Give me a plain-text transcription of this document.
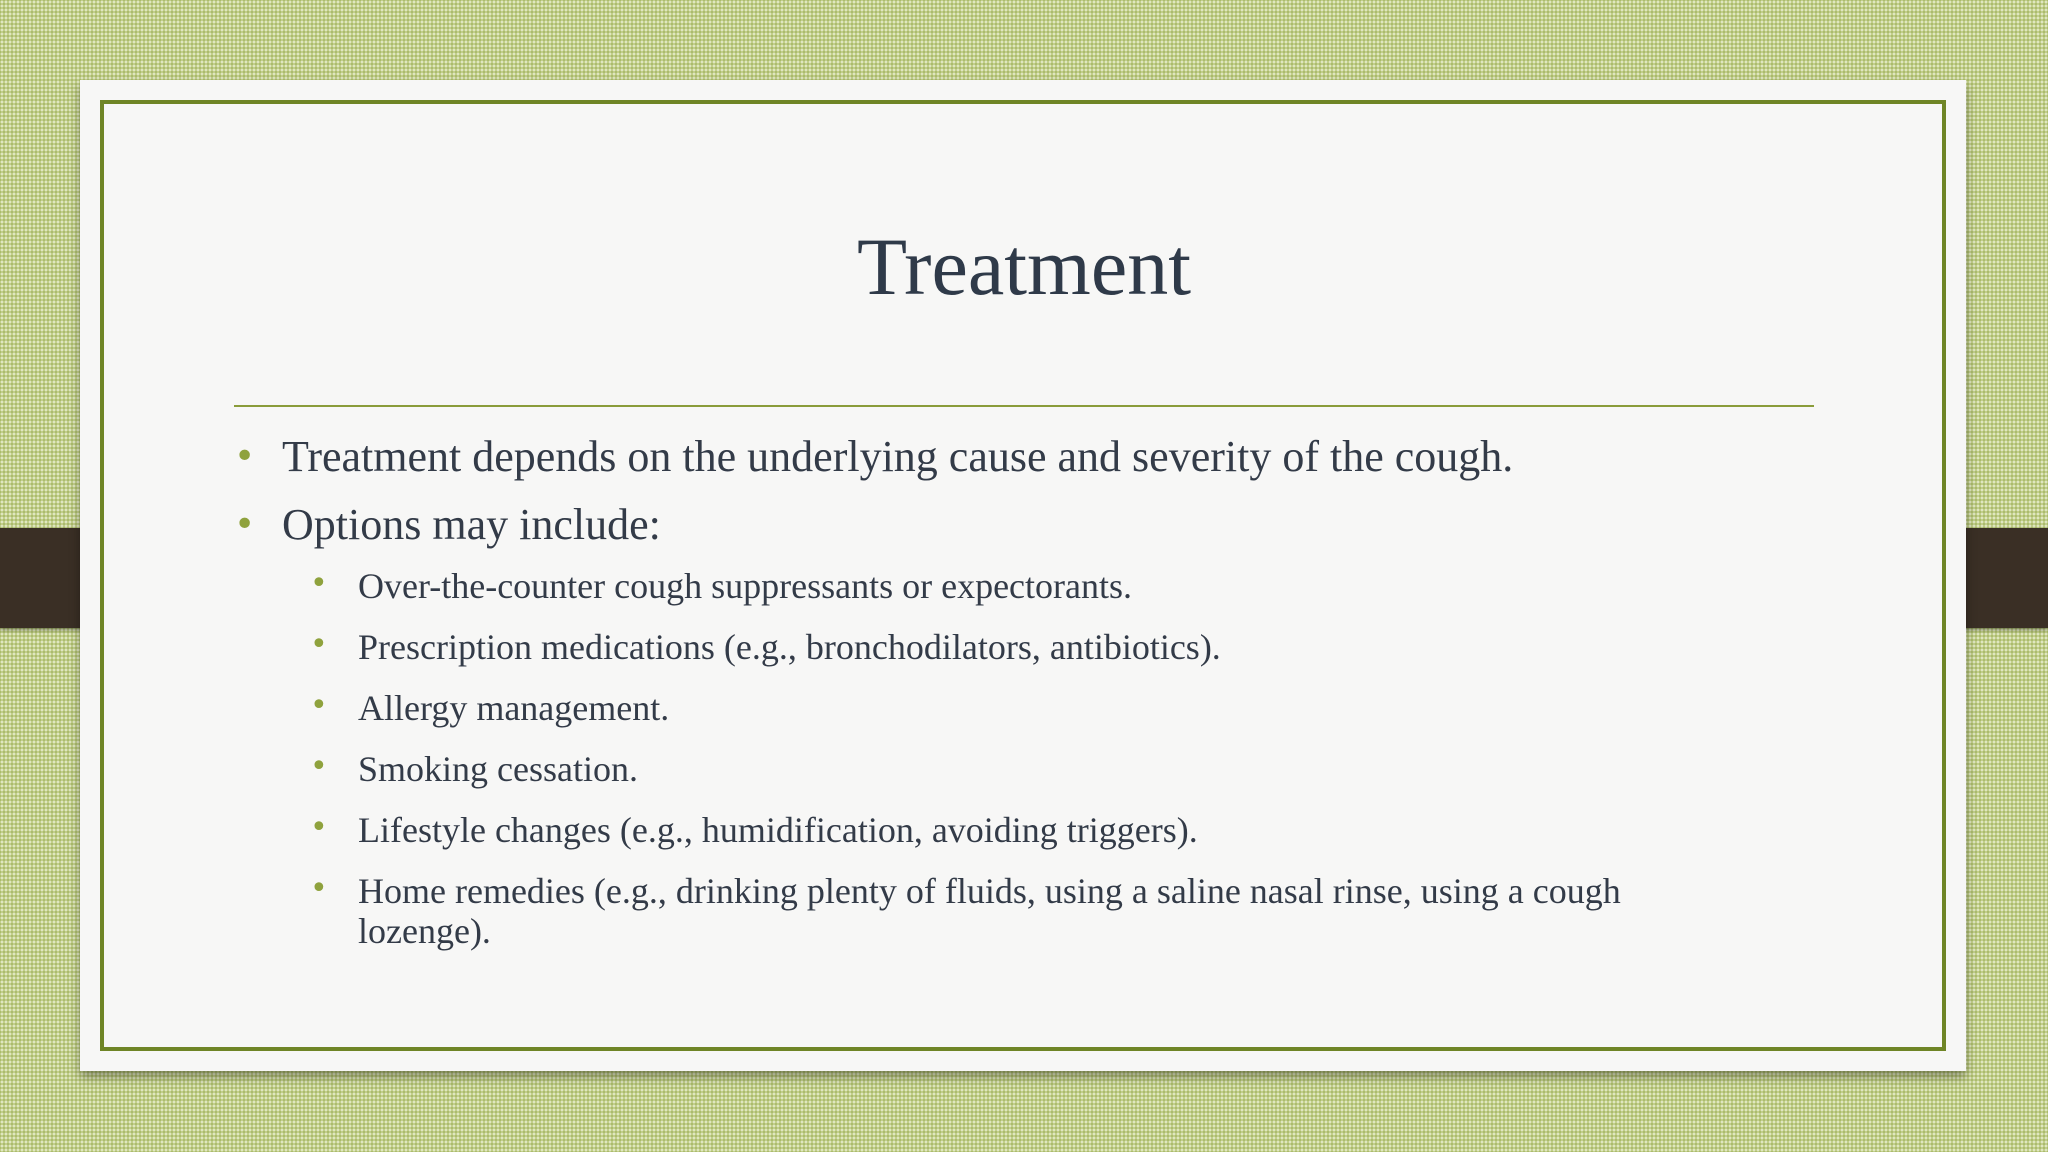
Treatment

• Treatment depends on the underlying cause and severity of the cough.

• Options may include:

• Over-the-counter cough suppressants or expectorants.

• Prescription medications (e.g., bronchodilators, antibiotics).

• Allergy management.

• Smoking cessation.

• Lifestyle changes (e.g., humidification, avoiding triggers).

• Home remedies (e.g., drinking plenty of fluids, using a saline nasal rinse, using a cough lozenge).
